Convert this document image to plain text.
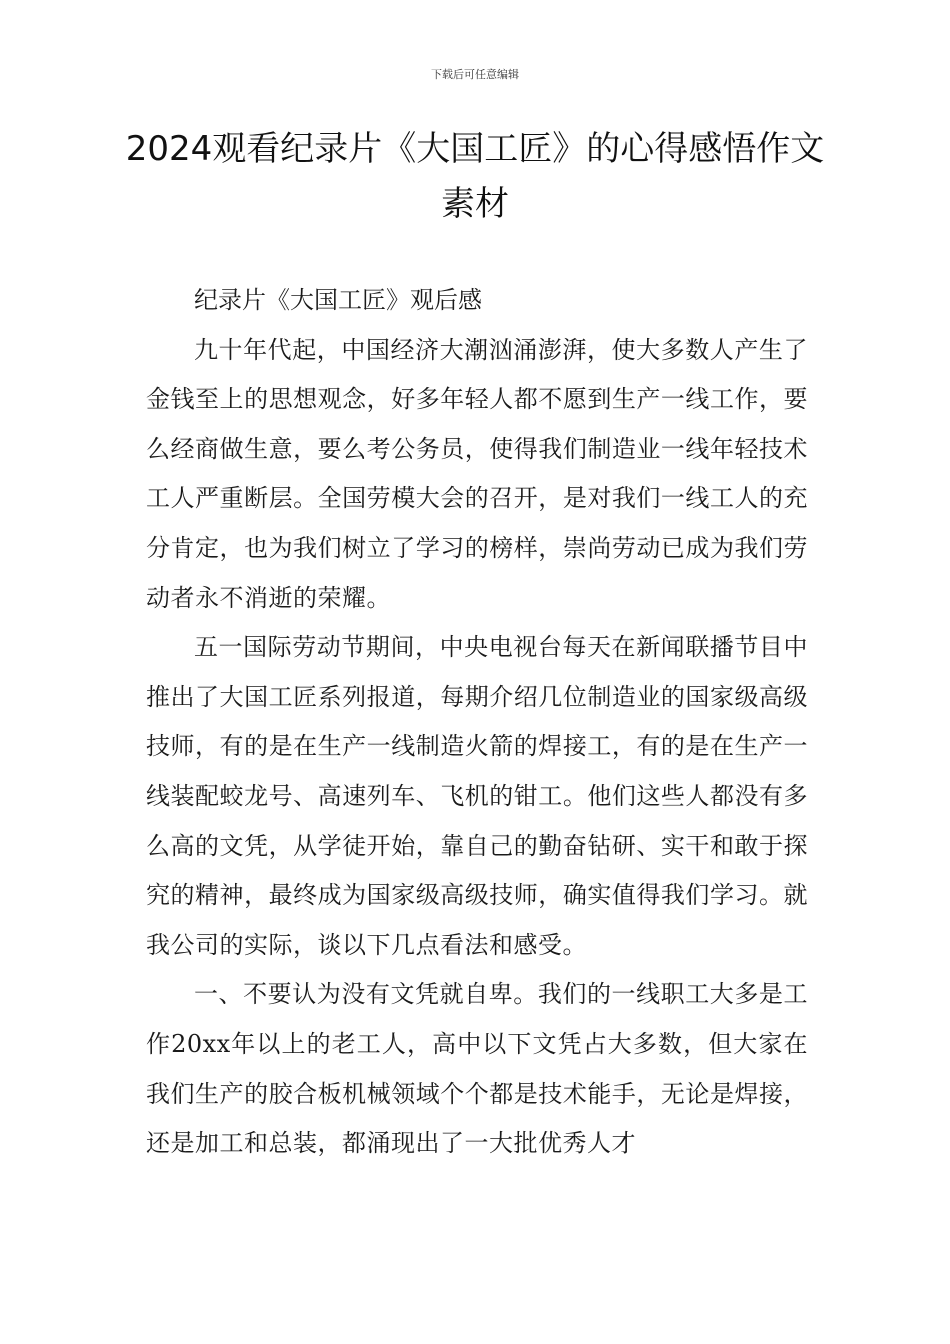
下载后可任意编辑
2024观看纪录片《大国工匠》的心得感悟作文素材

纪录片《大国工匠》观后感

九十年代起，中国经济大潮汹涌澎湃，使大多数人产生了金钱至上的思想观念，好多年轻人都不愿到生产一线工作，要么经商做生意，要么考公务员，使得我们制造业一线年轻技术工人严重断层。全国劳模大会的召开，是对我们一线工人的充分肯定，也为我们树立了学习的榜样，崇尚劳动已成为我们劳动者永不消逝的荣耀。

五一国际劳动节期间，中央电视台每天在新闻联播节目中推出了大国工匠系列报道，每期介绍几位制造业的国家级高级技师，有的是在生产一线制造火箭的焊接工，有的是在生产一线装配蛟龙号、高速列车、飞机的钳工。他们这些人都没有多么高的文凭，从学徒开始，靠自己的勤奋钻研、实干和敢于探究的精神，最终成为国家级高级技师，确实值得我们学习。就我公司的实际，谈以下几点看法和感受。

一、不要认为没有文凭就自卑。我们的一线职工大多是工作20xx年以上的老工人，高中以下文凭占大多数，但大家在我们生产的胶合板机械领域个个都是技术能手，无论是焊接，还是加工和总装，都涌现出了一大批优秀人才
